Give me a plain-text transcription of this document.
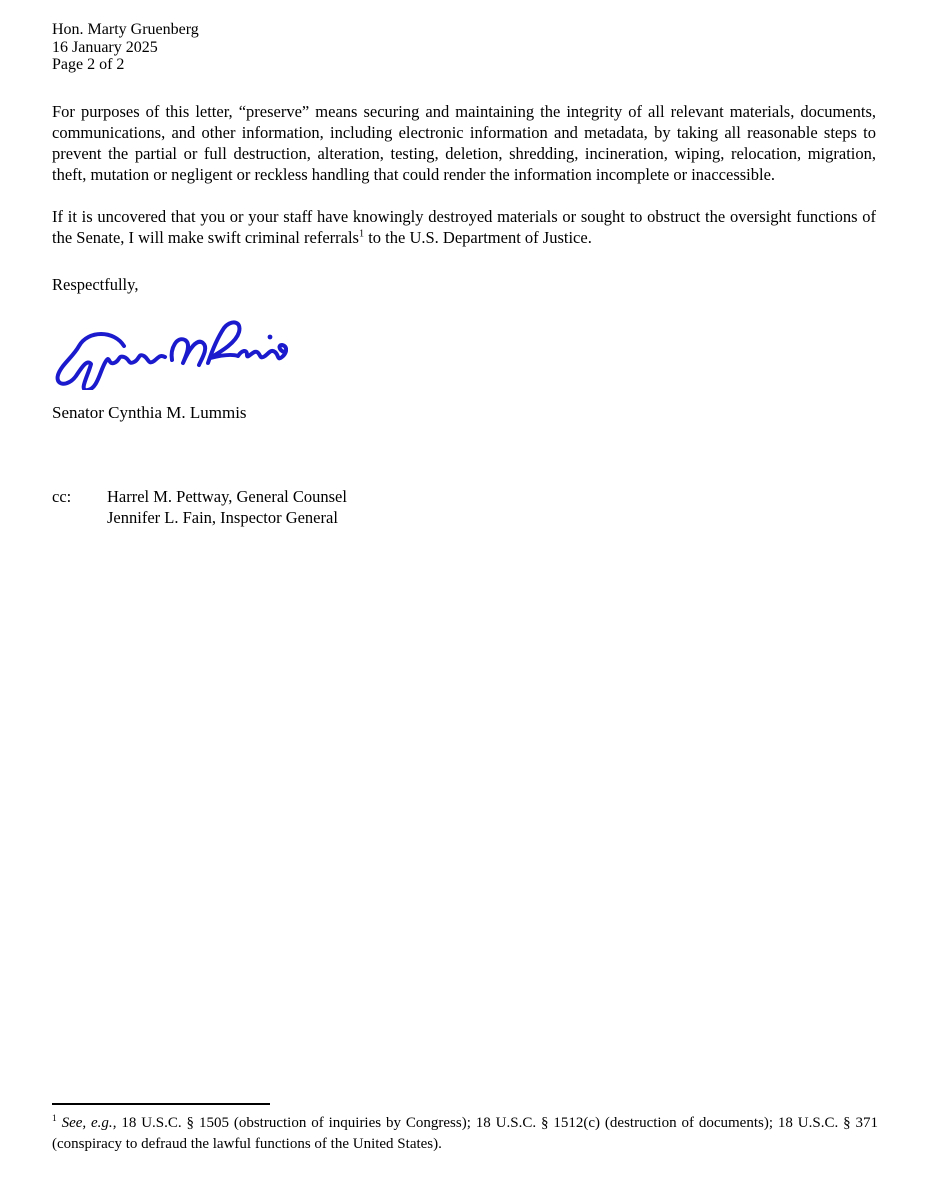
Hon. Marty Gruenberg
16 January 2025
Page 2 of 2

For purposes of this letter, “preserve” means securing and maintaining the integrity of all relevant materials, documents, communications, and other information, including electronic information and metadata, by taking all reasonable steps to prevent the partial or full destruction, alteration, testing, deletion, shredding, incineration, wiping, relocation, migration, theft, mutation or negligent or reckless handling that could render the information incomplete or inaccessible.

If it is uncovered that you or your staff have knowingly destroyed materials or sought to obstruct the oversight functions of the Senate, I will make swift criminal referrals$^1$ to the U.S. Department of Justice.

Respectfully,

Senator Cynthia M. Lummis

cc:	Harrel M. Pettway, General Counsel
Jennifer L. Fain, Inspector General

$^1$ See, e.g., 18 U.S.C. § 1505 (obstruction of inquiries by Congress); 18 U.S.C. § 1512(c) (destruction of documents); 18 U.S.C. § 371 (conspiracy to defraud the lawful functions of the United States).
